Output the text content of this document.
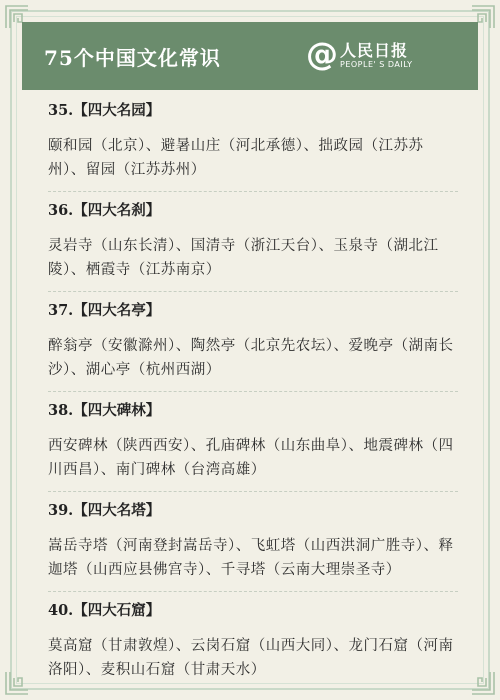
75个中国文化常识	@ 人民日报
PEOPLE' S DAILY
35.【四大名园】
颐和园（北京）、避暑山庄（河北承德）、拙政园（江苏苏州）、留园（江苏苏州）
36.【四大名刹】
灵岩寺（山东长清）、国清寺（浙江天台）、玉泉寺（湖北江陵）、栖霞寺（江苏南京）
37.【四大名亭】
醉翁亭（安徽滁州）、陶然亭（北京先农坛）、爱晚亭（湖南长沙）、湖心亭（杭州西湖）
38.【四大碑林】
西安碑林（陕西西安）、孔庙碑林（山东曲阜）、地震碑林（四川西昌）、南门碑林（台湾高雄）
39.【四大名塔】
嵩岳寺塔（河南登封嵩岳寺）、飞虹塔（山西洪洞广胜寺）、释迦塔（山西应县佛宫寺）、千寻塔（云南大理崇圣寺）
40.【四大石窟】
莫高窟（甘肃敦煌）、云岗石窟（山西大同）、龙门石窟（河南洛阳）、麦积山石窟（甘肃天水）
